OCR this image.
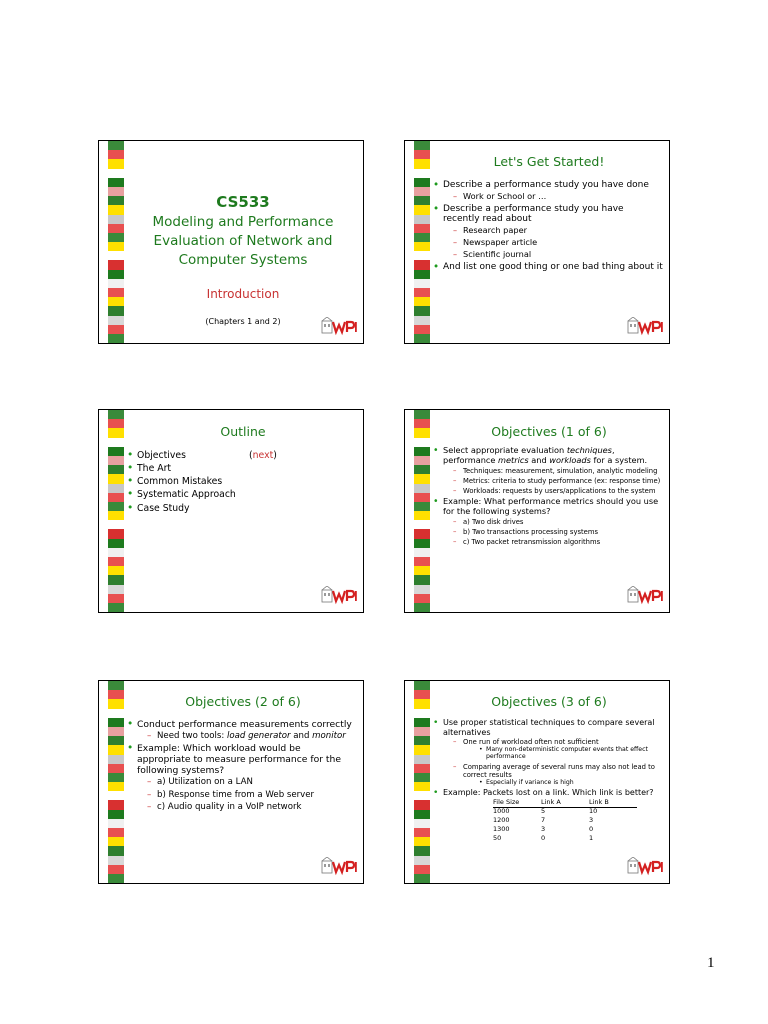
CS533
Modeling and Performance
Evaluation of Network and
Computer Systems
Introduction
(Chapters 1 and 2)
Let's Get Started!
• Describe a performance study you have done
– Work or School or …
• Describe a performance study you have recently read about
– Research paper
– Newspaper article
– Scientific journal
• And list one good thing or one bad thing about it
Outline
• Objectives	(next)
• The Art
• Common Mistakes
• Systematic Approach
• Case Study
Objectives (1 of 6)
• Select appropriate evaluation techniques, performance metrics and workloads for a system.
– Techniques: measurement, simulation, analytic modeling
– Metrics: criteria to study performance (ex: response time)
– Workloads: requests by users/applications to the system
• Example: What performance metrics should you use for the following systems?
– a) Two disk drives
– b) Two transactions processing systems
– c) Two packet retransmission algorithms
Objectives (2 of 6)
• Conduct performance measurements correctly
– Need two tools: load generator and monitor
• Example: Which workload would be appropriate to measure performance for the following systems?
– a) Utilization on a LAN
– b) Response time from a Web server
– c) Audio quality in a VoIP network
Objectives (3 of 6)
• Use proper statistical techniques to compare several alternatives
– One run of workload often not sufficient
• Many non-deterministic computer events that effect performance
– Comparing average of several runs may also not lead to correct results
• Especially if variance is high
• Example: Packets lost on a link. Which link is better?
File Size	Link A	Link B
1000	5	10
1200	7	3
1300	3	0
50	0	1
1
